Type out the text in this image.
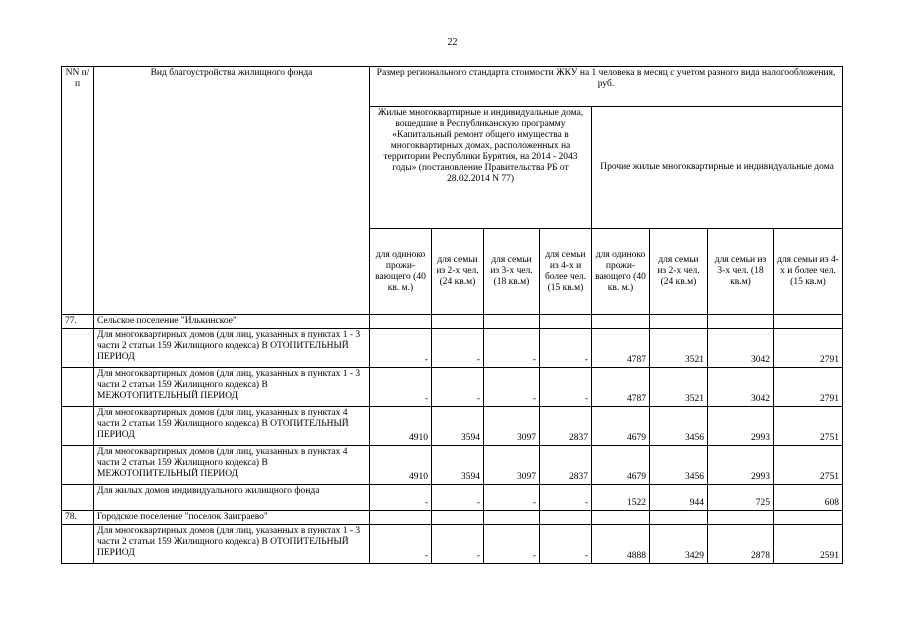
22
NN п/п	Вид благоустройства жилищного фонда	Размер регионального стандарта стоимости ЖКУ на 1 человека в месяц с учетом разного вида налогообложения, руб.							
		Жилые многоквартирные и индивидуальные дома, вошедшие в Республиканскую программу «Капитальный ремонт общего имущества в многоквартирных домах, расположенных на территории Республики Бурятия, на 2014 - 2043 годы» (постановление Правительства РБ от 28.02.2014 N 77)				Прочие жилые многоквартирные и индивидуальные дома			
		для одиноко прожи-вающего (40 кв. м.)	для семьи из 2-х чел. (24 кв.м)	для семьи из 3-х чел. (18 кв.м)	для семьи из 4-х и более чел. (15 кв.м)	для одиноко прожи-вающего (40 кв. м.)	для семьи из 2-х чел. (24 кв.м)	для семьи из 3-х чел. (18 кв.м)	для семьи из 4-х и более чел. (15 кв.м)
77.	Сельское поселение "Илькинское"								
	Для многоквартирных домов (для лиц, указанных в пунктах 1 - 3 части 2 статьи 159 Жилищного кодекса) В ОТОПИТЕЛЬНЫЙ ПЕРИОД	-	-	-	-	4787	3521	3042	2791
	Для многоквартирных домов (для лиц, указанных в пунктах 1 - 3 части 2 статьи 159 Жилищного кодекса) В МЕЖОТОПИТЕЛЬНЫЙ ПЕРИОД	-	-	-	-	4787	3521	3042	2791
	Для многоквартирных домов (для лиц, указанных в пунктах 4 части 2 статьи 159 Жилищного кодекса) В ОТОПИТЕЛЬНЫЙ ПЕРИОД	4910	3594	3097	2837	4679	3456	2993	2751
	Для многоквартирных домов (для лиц, указанных в пунктах 4 части 2 статьи 159 Жилищного кодекса) В МЕЖОТОПИТЕЛЬНЫЙ ПЕРИОД	4910	3594	3097	2837	4679	3456	2993	2751
	Для жилых домов индивидуального жилищного фонда	-	-	-	-	1522	944	725	608
78.	Городское поселение "поселок Заиграево"								
	Для многоквартирных домов (для лиц, указанных в пунктах 1 - 3 части 2 статьи 159 Жилищного кодекса) В ОТОПИТЕЛЬНЫЙ ПЕРИОД	-	-	-	-	4888	3429	2878	2591
